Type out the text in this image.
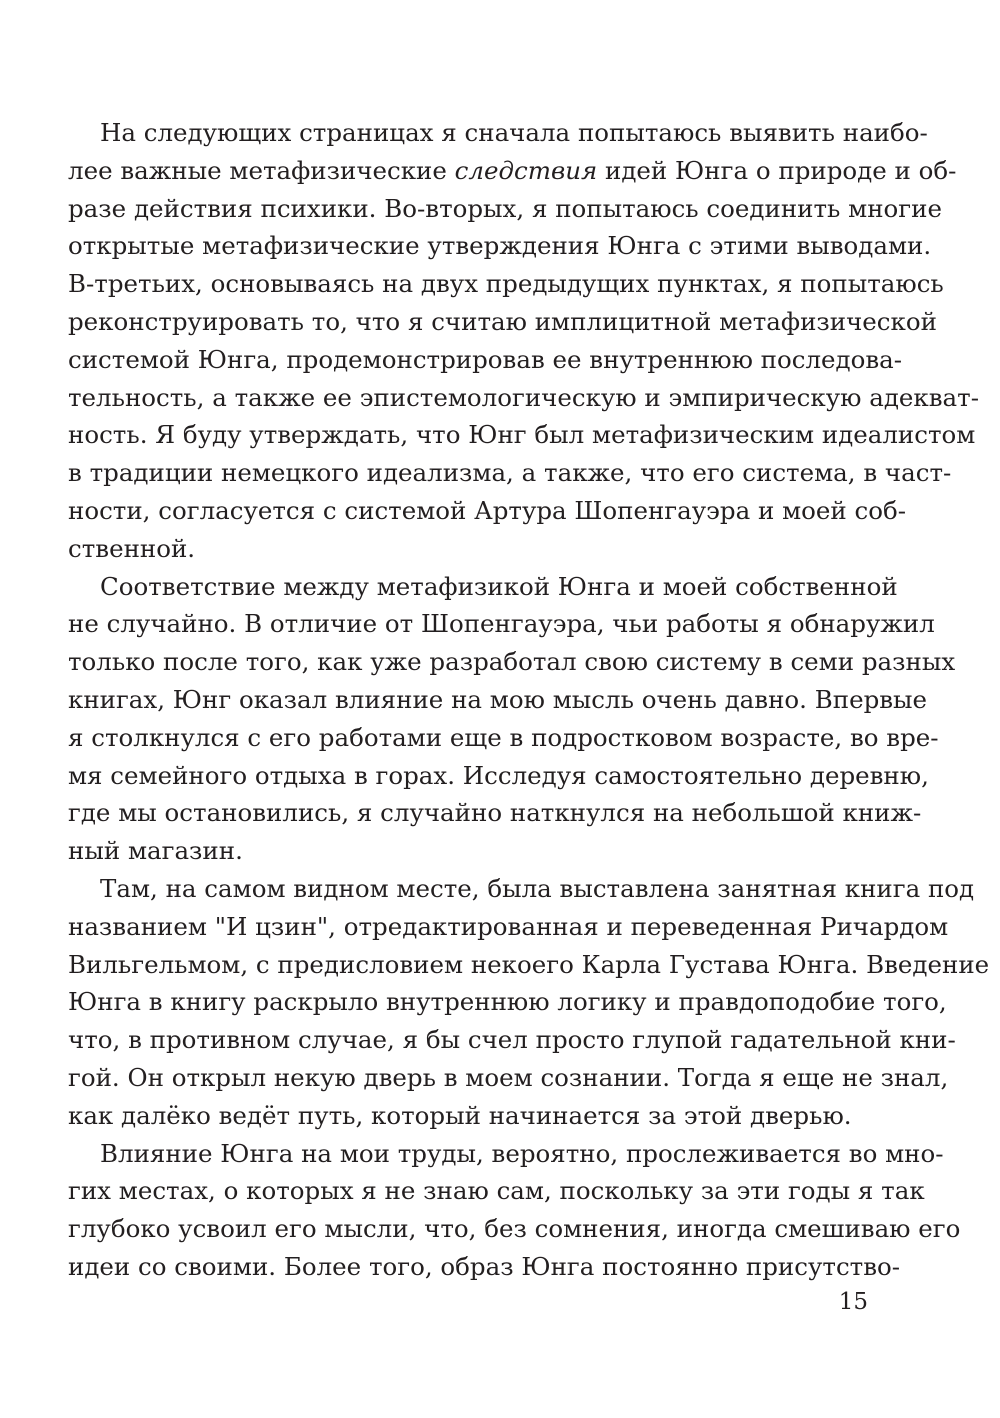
На следующих страницах я сначала попытаюсь выявить наибо-
лее важные метафизические следствия идей Юнга о природе и об-
разе действия психики. Во-вторых, я попытаюсь соединить многие
открытые метафизические утверждения Юнга с этими выводами.
В-третьих, основываясь на двух предыдущих пунктах, я попытаюсь
реконструировать то, что я считаю имплицитной метафизической
системой Юнга, продемонстрировав ее внутреннюю последова-
тельность, а также ее эпистемологическую и эмпирическую адекват-
ность. Я буду утверждать, что Юнг был метафизическим идеалистом
в традиции немецкого идеализма, а также, что его система, в част-
ности, согласуется с системой Артура Шопенгауэра и моей соб-
ственной.
Соответствие между метафизикой Юнга и моей собственной
не случайно. В отличие от Шопенгауэра, чьи работы я обнаружил
только после того, как уже разработал свою систему в семи разных
книгах, Юнг оказал влияние на мою мысль очень давно. Впервые
я столкнулся с его работами еще в подростковом возрасте, во вре-
мя семейного отдыха в горах. Исследуя самостоятельно деревню,
где мы остановились, я случайно наткнулся на небольшой книж-
ный магазин.
Там, на самом видном месте, была выставлена занятная книга под
названием "И цзин", отредактированная и переведенная Ричардом
Вильгельмом, с предисловием некоего Карла Густава Юнга. Введение
Юнга в книгу раскрыло внутреннюю логику и правдоподобие того,
что, в противном случае, я бы счел просто глупой гадательной кни-
гой. Он открыл некую дверь в моем сознании. Тогда я еще не знал,
как далёко ведёт путь, который начинается за этой дверью.
Влияние Юнга на мои труды, вероятно, прослеживается во мно-
гих местах, о которых я не знаю сам, поскольку за эти годы я так
глубоко усвоил его мысли, что, без сомнения, иногда смешиваю его
идеи со своими. Более того, образ Юнга постоянно присутство-
15
